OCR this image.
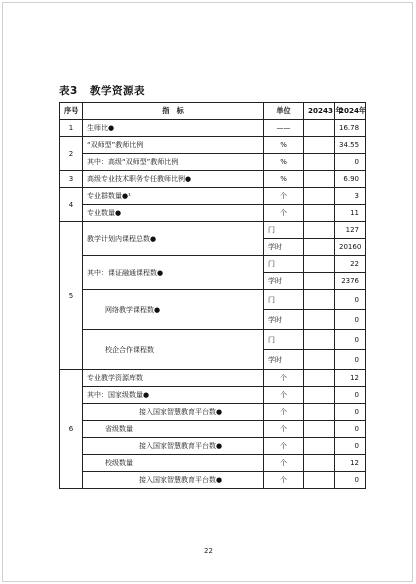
表3 教学资源表
序号	指　标	单位	20243 年	2024年
1	生师比●	——		16.78
2	“双师型”教师比例	%		34.55
	其中：高级“双师型”教师比例	%		0
3	高级专业技术职务专任教师比例●	%		6.90
4	专业群数量●¹	个		3
	专业数量●	个		11
5	教学计划内课程总数●	门		127
		学时		20160
	其中：课证融通课程数●	门		22
		学时		2376
	网络教学课程数●	门		0
		学时		0
	校企合作课程数	门		0
		学时		0
6	专业教学资源库数	个		12
	其中：国家级数量●	个		0
	接入国家智慧教育平台数●	个		0
	省级数量	个		0
	接入国家智慧教育平台数●	个		0
	校级数量	个		12
	接入国家智慧教育平台数●	个		0
22
